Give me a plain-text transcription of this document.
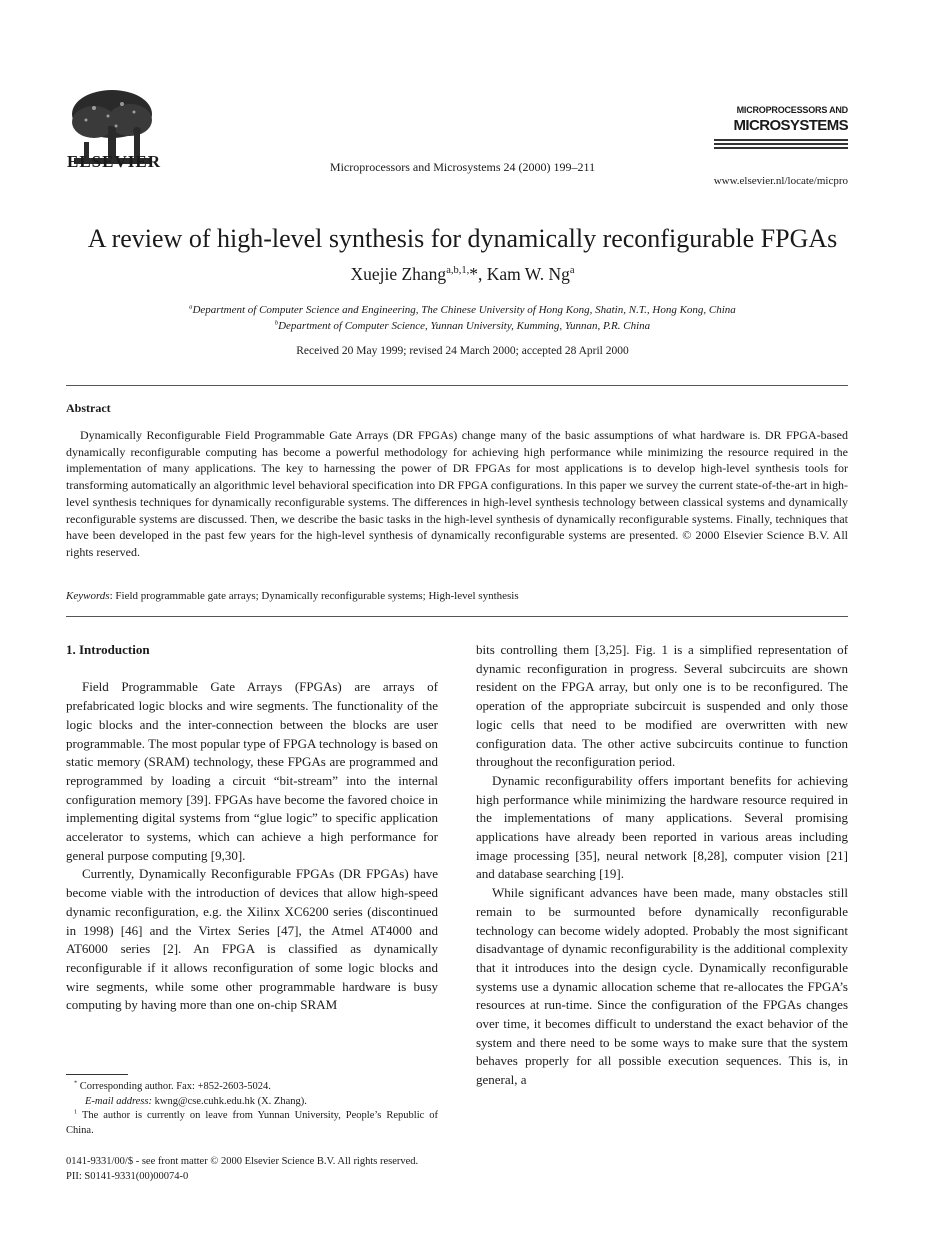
ELSEVIER	Microprocessors and Microsystems 24 (2000) 199–211
MICROPROCESSORS AND
MICROSYSTEMS
www.elsevier.nl/locate/micpro
A review of high-level synthesis for dynamically reconfigurable FPGAs
Xuejie Zhang$^{a,b,1,}$*, Kam W. Ng$^a$
$^a$Department of Computer Science and Engineering, The Chinese University of Hong Kong, Shatin, N.T., Hong Kong, China
$^b$Department of Computer Science, Yunnan University, Kumming, Yunnan, P.R. China
Received 20 May 1999; revised 24 March 2000; accepted 28 April 2000
Abstract
Dynamically Reconfigurable Field Programmable Gate Arrays (DR FPGAs) change many of the basic assumptions of what hardware is. DR FPGA-based dynamically reconfigurable computing has become a powerful methodology for achieving high performance while minimizing the resource required in the implementation of many applications. The key to harnessing the power of DR FPGAs for most applications is to develop high-level synthesis tools for transforming automatically an algorithmic level behavioral specification into DR FPGA configurations. In this paper we survey the current state-of-the-art in high-level synthesis techniques for dynamically reconfigurable systems. The differences in high-level synthesis technology between classical systems and dynamically reconfigurable systems are discussed. Then, we describe the basic tasks in the high-level synthesis of dynamically reconfigurable systems. Finally, techniques that have been developed in the past few years for the high-level synthesis of dynamically reconfigurable systems are presented. © 2000 Elsevier Science B.V. All rights reserved.
Keywords: Field programmable gate arrays; Dynamically reconfigurable systems; High-level synthesis
1. Introduction

Field Programmable Gate Arrays (FPGAs) are arrays of prefabricated logic blocks and wire segments. The functionality of the logic blocks and the inter-connection between the blocks are user programmable. The most popular type of FPGA technology is based on static memory (SRAM) technology, these FPGAs are programmed and reprogrammed by loading a circuit “bit-stream” into the internal configuration memory [39]. FPGAs have become the favored choice in implementing digital systems from “glue logic” to specific application accelerator to systems, which can achieve a high performance for general purpose computing [9,30].

Currently, Dynamically Reconfigurable FPGAs (DR FPGAs) have become viable with the introduction of devices that allow high-speed dynamic reconfiguration, e.g. the Xilinx XC6200 series (discontinued in 1998) [46] and the Virtex Series [47], the Atmel AT4000 and AT6000 series [2]. An FPGA is classified as dynamically reconfigurable if it allows reconfiguration of some logic blocks and wire segments, while some other programmable hardware is busy computing by having more than one on-chip SRAM

bits controlling them [3,25]. Fig. 1 is a simplified representation of dynamic reconfiguration in progress. Several subcircuits are shown resident on the FPGA array, but only one is to be reconfigured. The operation of the appropriate subcircuit is suspended and only those logic cells that need to be modified are overwritten with new configuration data. The other active subcircuits continue to function throughout the reconfiguration period.

Dynamic reconfigurability offers important benefits for achieving high performance while minimizing the hardware resource required in the implementations of many applications. Several promising applications have already been reported in various areas including image processing [35], neural network [8,28], computer vision [21] and database searching [19].

While significant advances have been made, many obstacles still remain to be surmounted before dynamically reconfigurable technology can become widely adopted. Probably the most significant disadvantage of dynamic reconfigurability is the additional complexity that it introduces into the design cycle. Dynamically reconfigurable systems use a dynamic allocation scheme that re-allocates the FPGA’s resources at run-time. Since the configuration of the FPGAs changes over time, it becomes difficult to understand the exact behavior of the system and there need to be some ways to make sure that the system behaves properly for all possible execution sequences. This is, in general, a

* Corresponding author. Fax: +852-2603-5024.
E-mail address: kwng@cse.cuhk.edu.hk (X. Zhang).
$^1$ The author is currently on leave from Yunnan University, People’s Republic of China.
0141-9331/00/$ - see front matter © 2000 Elsevier Science B.V. All rights reserved.
PII: S0141-9331(00)00074-0
